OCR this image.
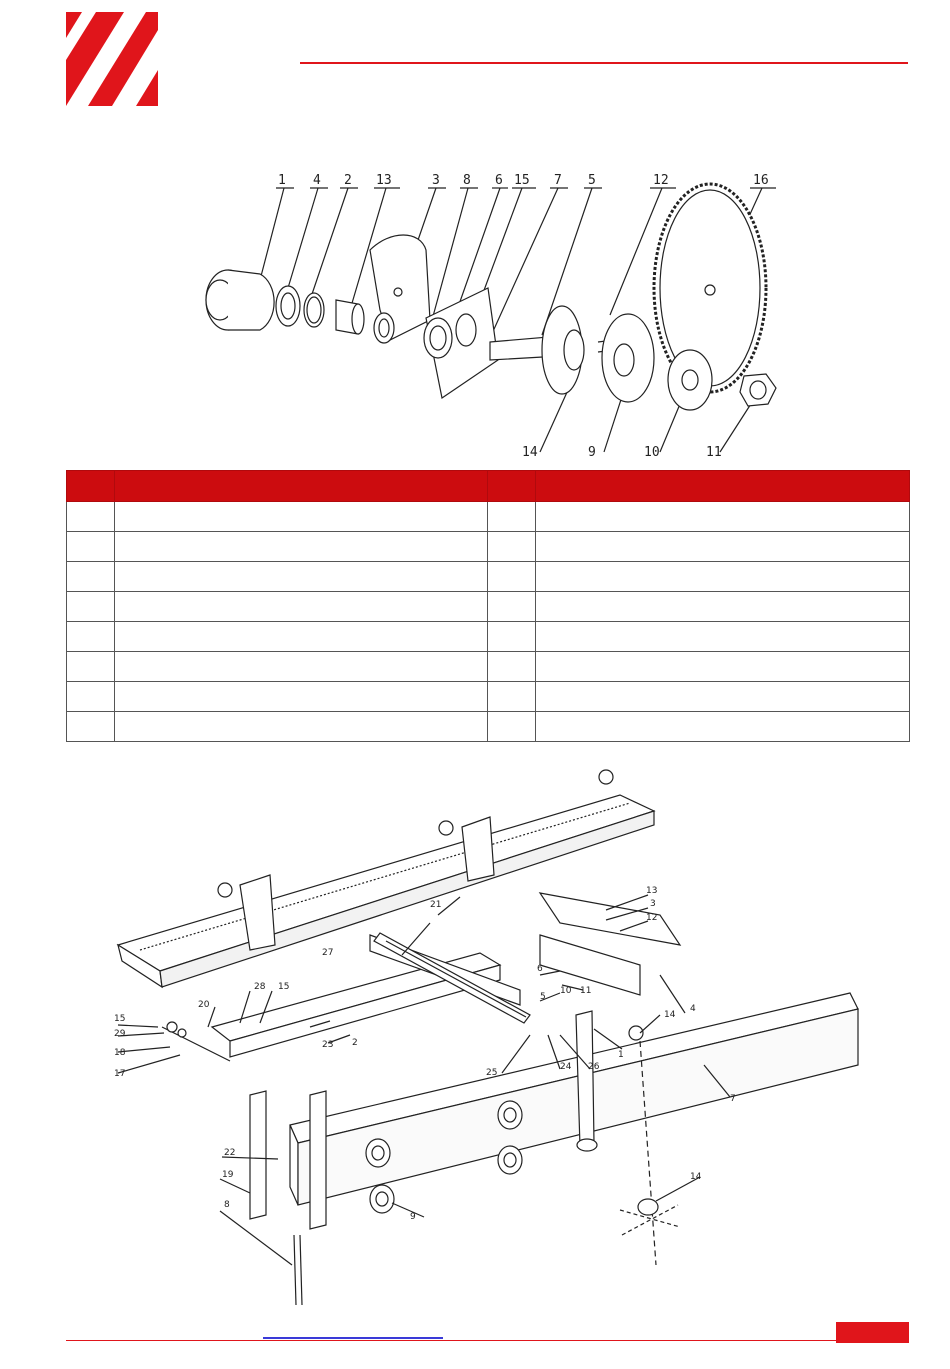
1 4 2 13	3 8 6 15 7 5	12	16
14	9	10	11

13
3
12
21
27
6
10 11
5
4
28 15
20
15
29
18
17
2
23
25
24 26
1
14
7
22
19
8
9
14
